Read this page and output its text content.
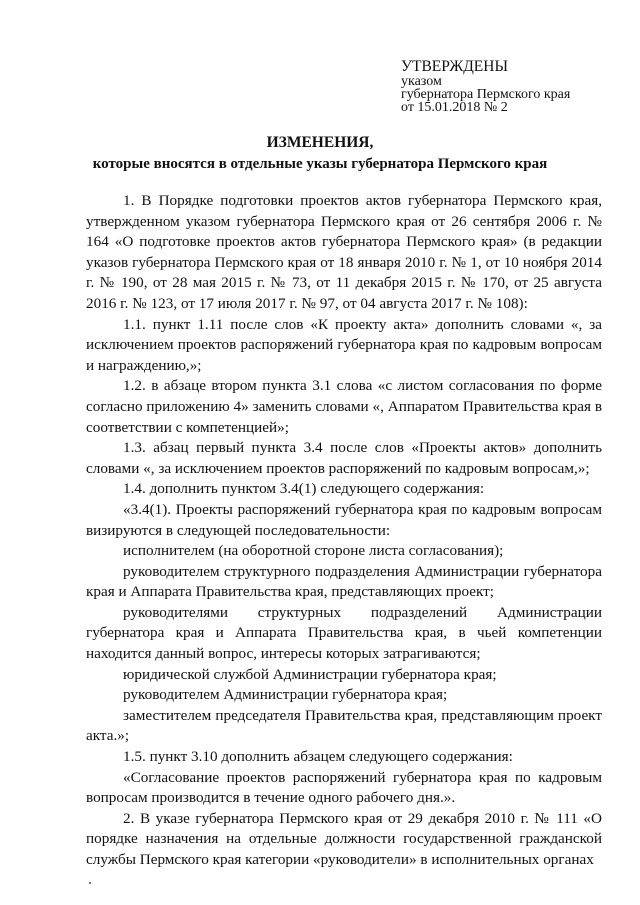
УТВЕРЖДЕНЫ
указом
губернатора Пермского края
от 15.01.2018 № 2
ИЗМЕНЕНИЯ,
которые вносятся в отдельные указы губернатора Пермского края

1. В Порядке подготовки проектов актов губернатора Пермского края, утвержденном указом губернатора Пермского края от 26 сентября 2006 г. № 164 «О подготовке проектов актов губернатора Пермского края» (в редакции указов губернатора Пермского края от 18 января 2010 г. № 1, от 10 ноября 2014 г. № 190, от 28 мая 2015 г. № 73, от 11 декабря 2015 г. № 170, от 25 августа 2016 г. № 123, от 17 июля 2017 г. № 97, от 04 августа 2017 г. № 108):

1.1. пункт 1.11 после слов «К проекту акта» дополнить словами «, за исключением проектов распоряжений губернатора края по кадровым вопросам и награждению,»;

1.2. в абзаце втором пункта 3.1 слова «с листом согласования по форме согласно приложению 4» заменить словами «, Аппаратом Правительства края в соответствии с компетенцией»;

1.3. абзац первый пункта 3.4 после слов «Проекты актов» дополнить словами «, за исключением проектов распоряжений по кадровым вопросам,»;

1.4. дополнить пунктом 3.4(1) следующего содержания:

«3.4(1). Проекты распоряжений губернатора края по кадровым вопросам визируются в следующей последовательности:

исполнителем (на оборотной стороне листа согласования);

руководителем структурного подразделения Администрации губернатора края и Аппарата Правительства края, представляющих проект;

руководителями структурных подразделений Администрации губернатора края и Аппарата Правительства края, в чьей компетенции находится данный вопрос, интересы которых затрагиваются;

юридической службой Администрации губернатора края;

руководителем Администрации губернатора края;

заместителем председателя Правительства края, представляющим проект акта.»;

1.5. пункт 3.10 дополнить абзацем следующего содержания:

«Согласование проектов распоряжений губернатора края по кадровым вопросам производится в течение одного рабочего дня.».

2. В указе губернатора Пермского края от 29 декабря 2010 г. № 111 «О порядке назначения на отдельные должности государственной гражданской службы Пермского края категории «руководители» в исполнительных органах
